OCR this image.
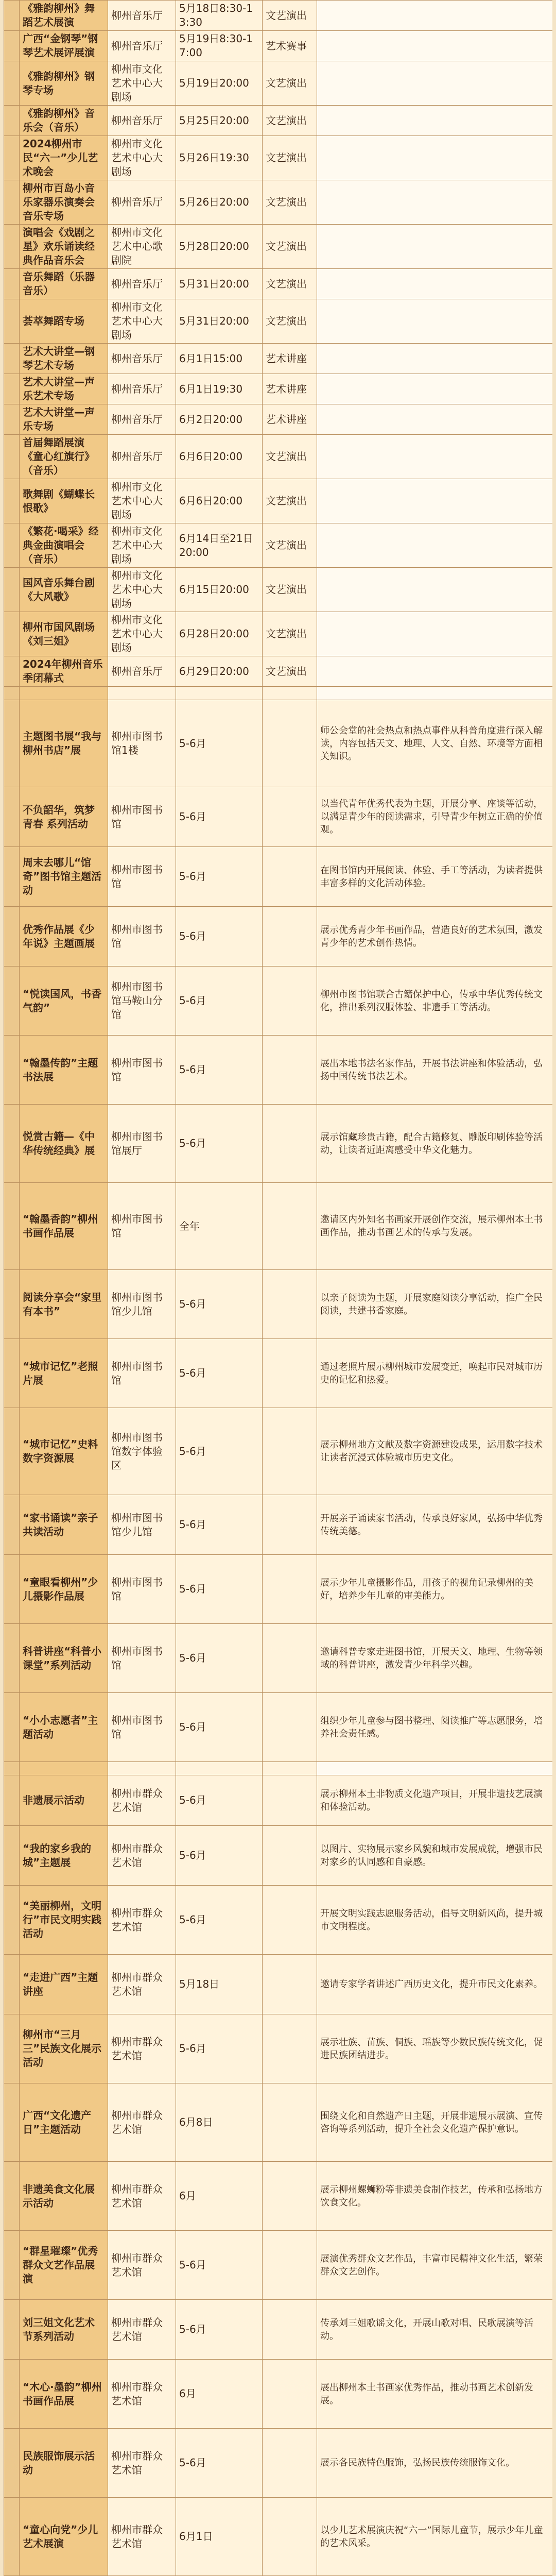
	《雅韵柳州》舞蹈艺术展演	柳州音乐厅	5月18日8:30-13:30	文艺演出	
	广西“金钢琴”钢琴艺术展评展演	柳州音乐厅	5月19日8:30-17:00	艺术赛事	
	《雅韵柳州》钢琴专场	柳州市文化艺术中心大剧场	5月19日20:00	文艺演出	
	《雅韵柳州》音乐会（音乐）	柳州音乐厅	5月25日20:00	文艺演出	
	2024柳州市民“六一”少儿艺术晚会	柳州市文化艺术中心大剧场	5月26日19:30	文艺演出	
	柳州市百岛小音乐家器乐演奏会音乐专场	柳州音乐厅	5月26日20:00	文艺演出	
	演唱会《戏剧之星》欢乐诵读经典作品音乐会	柳州市文化艺术中心歌剧院	5月28日20:00	文艺演出	
	音乐舞蹈（乐器音乐）	柳州音乐厅	5月31日20:00	文艺演出	
	荟萃舞蹈专场	柳州市文化艺术中心大剧场	5月31日20:00	文艺演出	
	艺术大讲堂—钢琴艺术专场	柳州音乐厅	6月1日15:00	艺术讲座	
	艺术大讲堂—声乐艺术专场	柳州音乐厅	6月1日19:30	艺术讲座	
	艺术大讲堂—声乐专场	柳州音乐厅	6月2日20:00	艺术讲座	
	首届舞蹈展演《童心红旗行》（音乐）	柳州音乐厅	6月6日20:00	文艺演出	
	歌舞剧《蝴蝶长恨歌》	柳州市文化艺术中心大剧场	6月6日20:00	文艺演出	
	《繁花·喝采》经典金曲演唱会（音乐）	柳州市文化艺术中心大剧场	6月14日至21日20:00	文艺演出	
	国风音乐舞台剧《大风歌》	柳州市文化艺术中心大剧场	6月15日20:00	文艺演出	
	柳州市国风剧场《刘三姐》	柳州市文化艺术中心大剧场	6月28日20:00	文艺演出	
	2024年柳州音乐季闭幕式	柳州音乐厅	6月29日20:00	文艺演出	

	主题图书展“我与柳州书店”展	柳州市图书馆1楼	5-6月		师公会堂的社会热点和热点事件从科普角度进行深入解读，内容包括天文、地理、人文、自然、环境等方面相关知识。
	不负韶华，筑梦青春 系列活动	柳州市图书馆	5-6月		以当代青年优秀代表为主题，开展分享、座谈等活动，以满足青少年的阅读需求，引导青少年树立正确的价值观。
	周末去哪儿“馆奇”图书馆主题活动	柳州市图书馆	5-6月		在图书馆内开展阅读、体验、手工等活动，为读者提供丰富多样的文化活动体验。
	优秀作品展《少年说》主题画展	柳州市图书馆	5-6月		展示优秀青少年书画作品，营造良好的艺术氛围，激发青少年的艺术创作热情。
	“悦读国风，书香气韵”	柳州市图书馆马鞍山分馆	5-6月		柳州市图书馆联合古籍保护中心，传承中华优秀传统文化，推出系列汉服体验、非遗手工等活动。
	“翰墨传韵”主题书法展	柳州市图书馆	5-6月		展出本地书法名家作品，开展书法讲座和体验活动，弘扬中国传统书法艺术。
	悦赏古籍—《中华传统经典》展	柳州市图书馆展厅	5-6月		展示馆藏珍贵古籍，配合古籍修复、雕版印刷体验等活动，让读者近距离感受中华文化魅力。
	“翰墨香韵”柳州书画作品展	柳州市图书馆	全年		邀请区内外知名书画家开展创作交流，展示柳州本土书画作品，推动书画艺术的传承与发展。
	阅读分享会“家里有本书”	柳州市图书馆少儿馆	5-6月		以亲子阅读为主题，开展家庭阅读分享活动，推广全民阅读，共建书香家庭。
	“城市记忆”老照片展	柳州市图书馆	5-6月		通过老照片展示柳州城市发展变迁，唤起市民对城市历史的记忆和热爱。
	“城市记忆”史料数字资源展	柳州市图书馆数字体验区	5-6月		展示柳州地方文献及数字资源建设成果，运用数字技术让读者沉浸式体验城市历史文化。
	“家书诵读”亲子共读活动	柳州市图书馆少儿馆	5-6月		开展亲子诵读家书活动，传承良好家风，弘扬中华优秀传统美德。
	“童眼看柳州”少儿摄影作品展	柳州市图书馆	5-6月		展示少年儿童摄影作品，用孩子的视角记录柳州的美好，培养少年儿童的审美能力。
	科普讲座“科普小课堂”系列活动	柳州市图书馆	5-6月		邀请科普专家走进图书馆，开展天文、地理、生物等领域的科普讲座，激发青少年科学兴趣。
	“小小志愿者”主题活动	柳州市图书馆	5-6月		组织少年儿童参与图书整理、阅读推广等志愿服务，培养社会责任感。

	非遗展示活动	柳州市群众艺术馆	5-6月		展示柳州本土非物质文化遗产项目，开展非遗技艺展演和体验活动。
	“我的家乡我的城”主题展	柳州市群众艺术馆	5-6月		以图片、实物展示家乡风貌和城市发展成就，增强市民对家乡的认同感和自豪感。
	“美丽柳州，文明行”市民文明实践活动	柳州市群众艺术馆	5-6月		开展文明实践志愿服务活动，倡导文明新风尚，提升城市文明程度。
	“走进广西”主题讲座	柳州市群众艺术馆	5月18日		邀请专家学者讲述广西历史文化，提升市民文化素养。
	柳州市“三月三”民族文化展示活动	柳州市群众艺术馆	5-6月		展示壮族、苗族、侗族、瑶族等少数民族传统文化，促进民族团结进步。
	广西“文化遗产日”主题活动	柳州市群众艺术馆	6月8日		围绕文化和自然遗产日主题，开展非遗展示展演、宣传咨询等系列活动，提升全社会文化遗产保护意识。
	非遗美食文化展示活动	柳州市群众艺术馆	6月		展示柳州螺蛳粉等非遗美食制作技艺，传承和弘扬地方饮食文化。
	“群星璀璨”优秀群众文艺作品展演	柳州市群众艺术馆	5-6月		展演优秀群众文艺作品，丰富市民精神文化生活，繁荣群众文艺创作。
	刘三姐文化艺术节系列活动	柳州市群众艺术馆	5-6月		传承刘三姐歌谣文化，开展山歌对唱、民歌展演等活动。
	“木心·墨韵”柳州书画作品展	柳州市群众艺术馆	6月		展出柳州本土书画家优秀作品，推动书画艺术创新发展。
	民族服饰展示活动	柳州市群众艺术馆	5-6月		展示各民族特色服饰，弘扬民族传统服饰文化。
	“童心向党”少儿艺术展演	柳州市群众艺术馆	6月1日		以少儿艺术展演庆祝“六一”国际儿童节，展示少年儿童的艺术风采。
